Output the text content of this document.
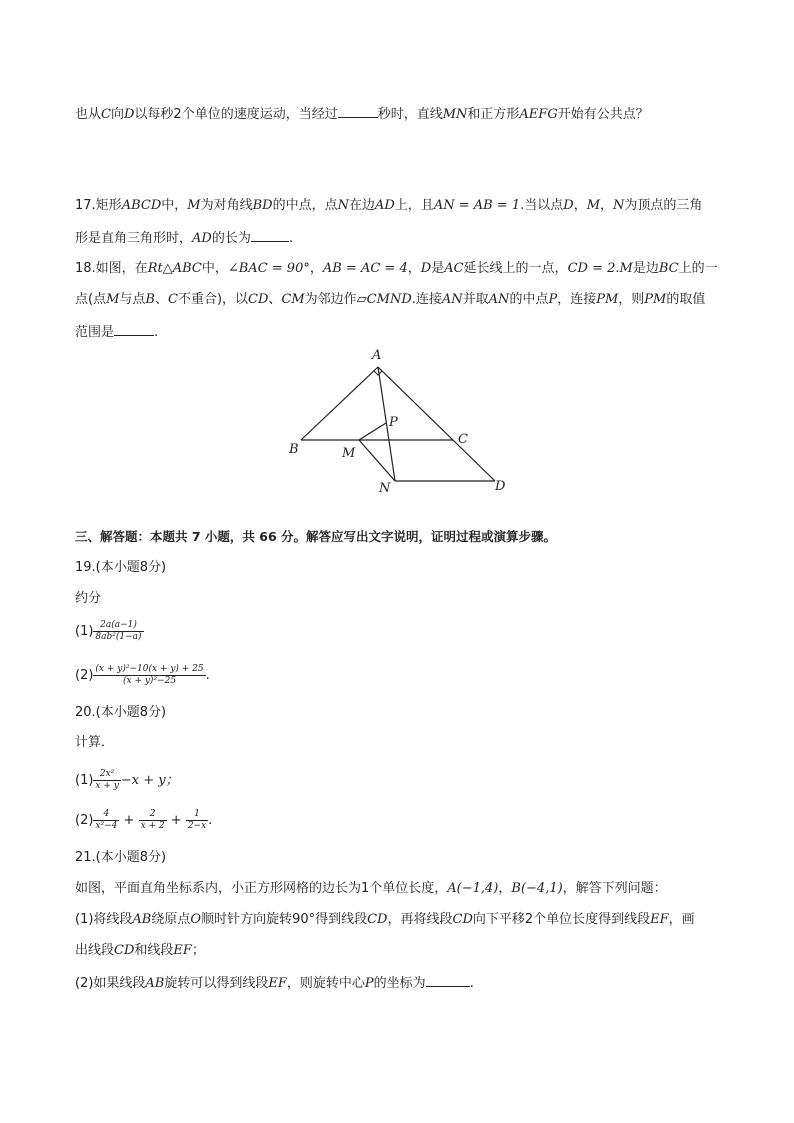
也从C向D以每秒2个单位的速度运动，当经过	秒时，直线MN和正方形AEFG开始有公共点？
17.矩形ABCD中，M为对角线BD的中点，点N在边AD上，且AN = AB = 1.当以点D，M，N为顶点的三角
形是直角三角形时，AD的长为	.
18.如图，在Rt△ABC中，∠BAC = 90°，AB = AC = 4，D是AC延长线上的一点，CD = 2.M是边BC上的一
点(点M与点B、C不重合)，以CD、CM为邻边作▱CMND.连接AN并取AN的中点P，连接PM，则PM的取值
范围是	.
A
B
C
D
M
N
P
三、解答题：本题共 7 小题，共 66 分。解答应写出文字说明，证明过程或演算步骤。
19.(本小题8分)
约分
$(1) \frac{2a(a-1)}{\text{8ab²(1−a)}}$
$(2) \frac{\text{(x + y)²−10(x + y) + 25}}{\text{(x + y)²−25}}$ .
20.(本小题8分)
计算．
$(1) \frac{\text{2x²}}{x + y} -x + y$；
$(2) \frac{4}{\text{x²−4}} + \frac{2}{x + 2} + \frac{1}{2-x}$ .
21.(本小题8分)
如图，平面直角坐标系内，小正方形网格的边长为1个单位长度，A(−1,4)，B(−4,1)，解答下列问题：
(1)将线段AB绕原点O顺时针方向旋转90°得到线段CD，再将线段CD向下平移2个单位长度得到线段EF，画
出线段CD和线段EF；
(2)如果线段AB旋转可以得到线段EF，则旋转中心P的坐标为	.
